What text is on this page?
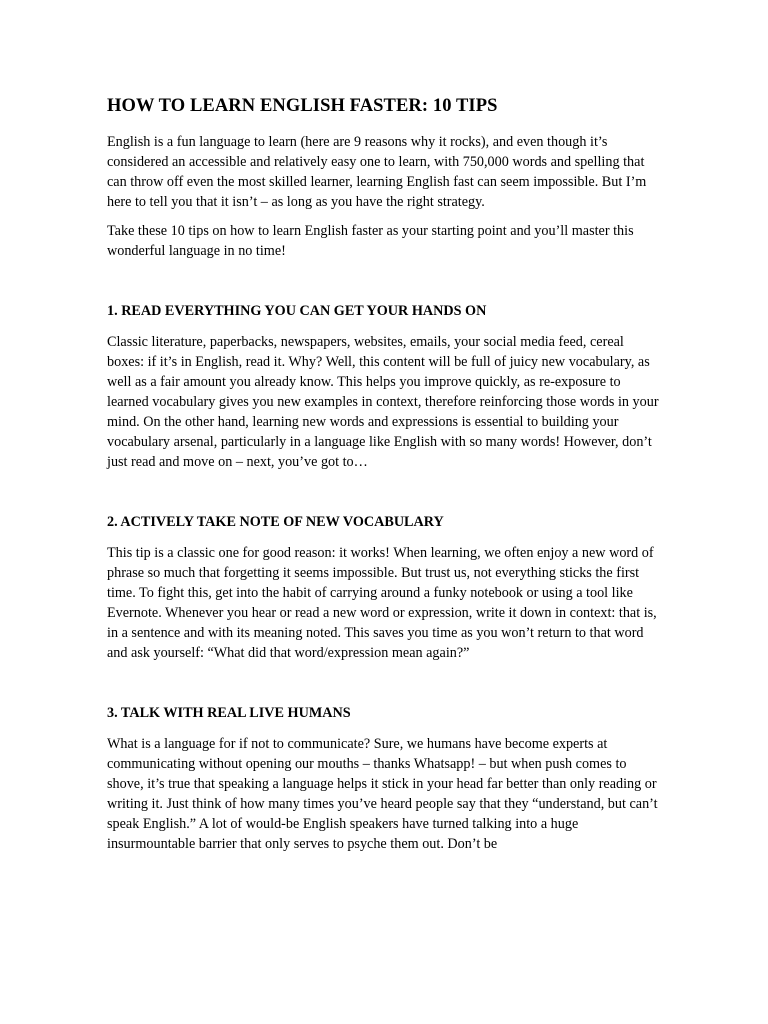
HOW TO LEARN ENGLISH FASTER: 10 TIPS

English is a fun language to learn (here are 9 reasons why it rocks), and even though it’s considered an accessible and relatively easy one to learn, with 750,000 words and spelling that can throw off even the most skilled learner, learning English fast can seem impossible. But I’m here to tell you that it isn’t – as long as you have the right strategy.

Take these 10 tips on how to learn English faster as your starting point and you’ll master this wonderful language in no time!

1. READ EVERYTHING YOU CAN GET YOUR HANDS ON

Classic literature, paperbacks, newspapers, websites, emails, your social media feed, cereal boxes: if it’s in English, read it. Why? Well, this content will be full of juicy new vocabulary, as well as a fair amount you already know. This helps you improve quickly, as re-exposure to learned vocabulary gives you new examples in context, therefore reinforcing those words in your mind. On the other hand, learning new words and expressions is essential to building your vocabulary arsenal, particularly in a language like English with so many words! However, don’t just read and move on – next, you’ve got to…

2. ACTIVELY TAKE NOTE OF NEW VOCABULARY

This tip is a classic one for good reason: it works! When learning, we often enjoy a new word of phrase so much that forgetting it seems impossible. But trust us, not everything sticks the first time. To fight this, get into the habit of carrying around a funky notebook or using a tool like Evernote. Whenever you hear or read a new word or expression, write it down in context: that is, in a sentence and with its meaning noted. This saves you time as you won’t return to that word and ask yourself: “What did that word/expression mean again?”

3. TALK WITH REAL LIVE HUMANS

What is a language for if not to communicate? Sure, we humans have become experts at communicating without opening our mouths – thanks Whatsapp! – but when push comes to shove, it’s true that speaking a language helps it stick in your head far better than only reading or writing it. Just think of how many times you’ve heard people say that they “understand, but can’t speak English.” A lot of would-be English speakers have turned talking into a huge insurmountable barrier that only serves to psyche them out. Don’t be
